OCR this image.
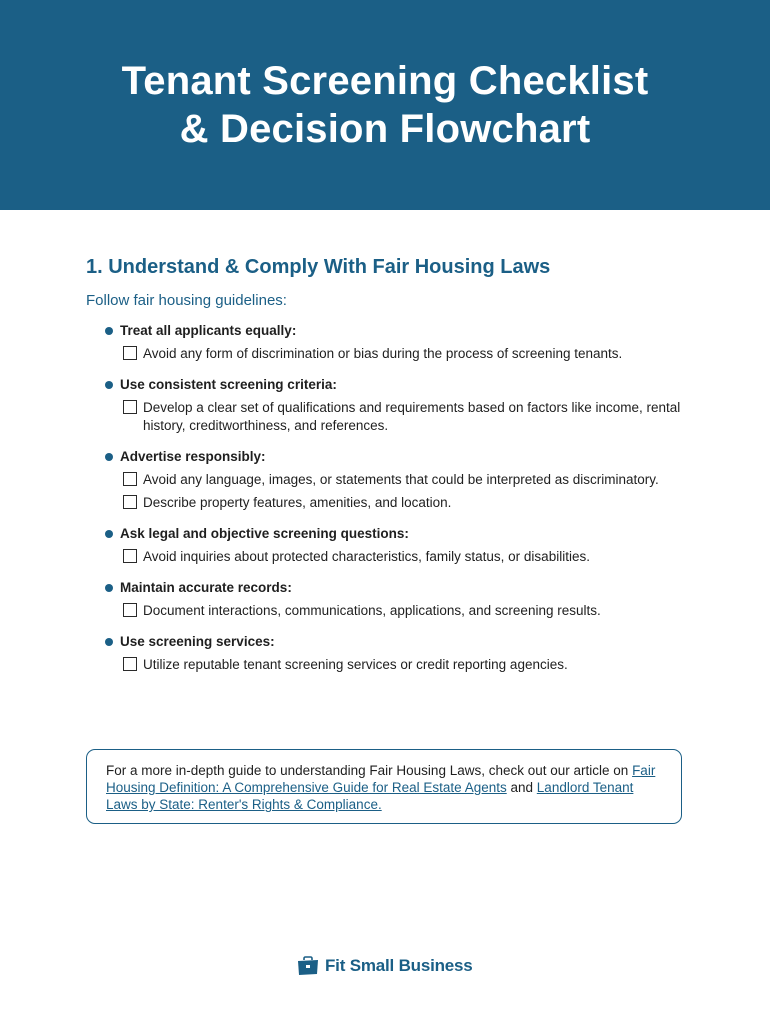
Tenant Screening Checklist
& Decision Flowchart
1. Understand & Comply With Fair Housing Laws
Follow fair housing guidelines:
Treat all applicants equally:
Avoid any form of discrimination or bias during the process of screening tenants.
Use consistent screening criteria:
Develop a clear set of qualifications and requirements based on factors like income, rental history, creditworthiness, and references.
Advertise responsibly:
Avoid any language, images, or statements that could be interpreted as discriminatory.
Describe property features, amenities, and location.
Ask legal and objective screening questions:
Avoid inquiries about protected characteristics, family status, or disabilities.
Maintain accurate records:
Document interactions, communications, applications, and screening results.
Use screening services:
Utilize reputable tenant screening services or credit reporting agencies.
For a more in-depth guide to understanding Fair Housing Laws, check out our article on Fair Housing Definition: A Comprehensive Guide for Real Estate Agents and Landlord Tenant Laws by State: Renter's Rights & Compliance.
Fit Small Business
